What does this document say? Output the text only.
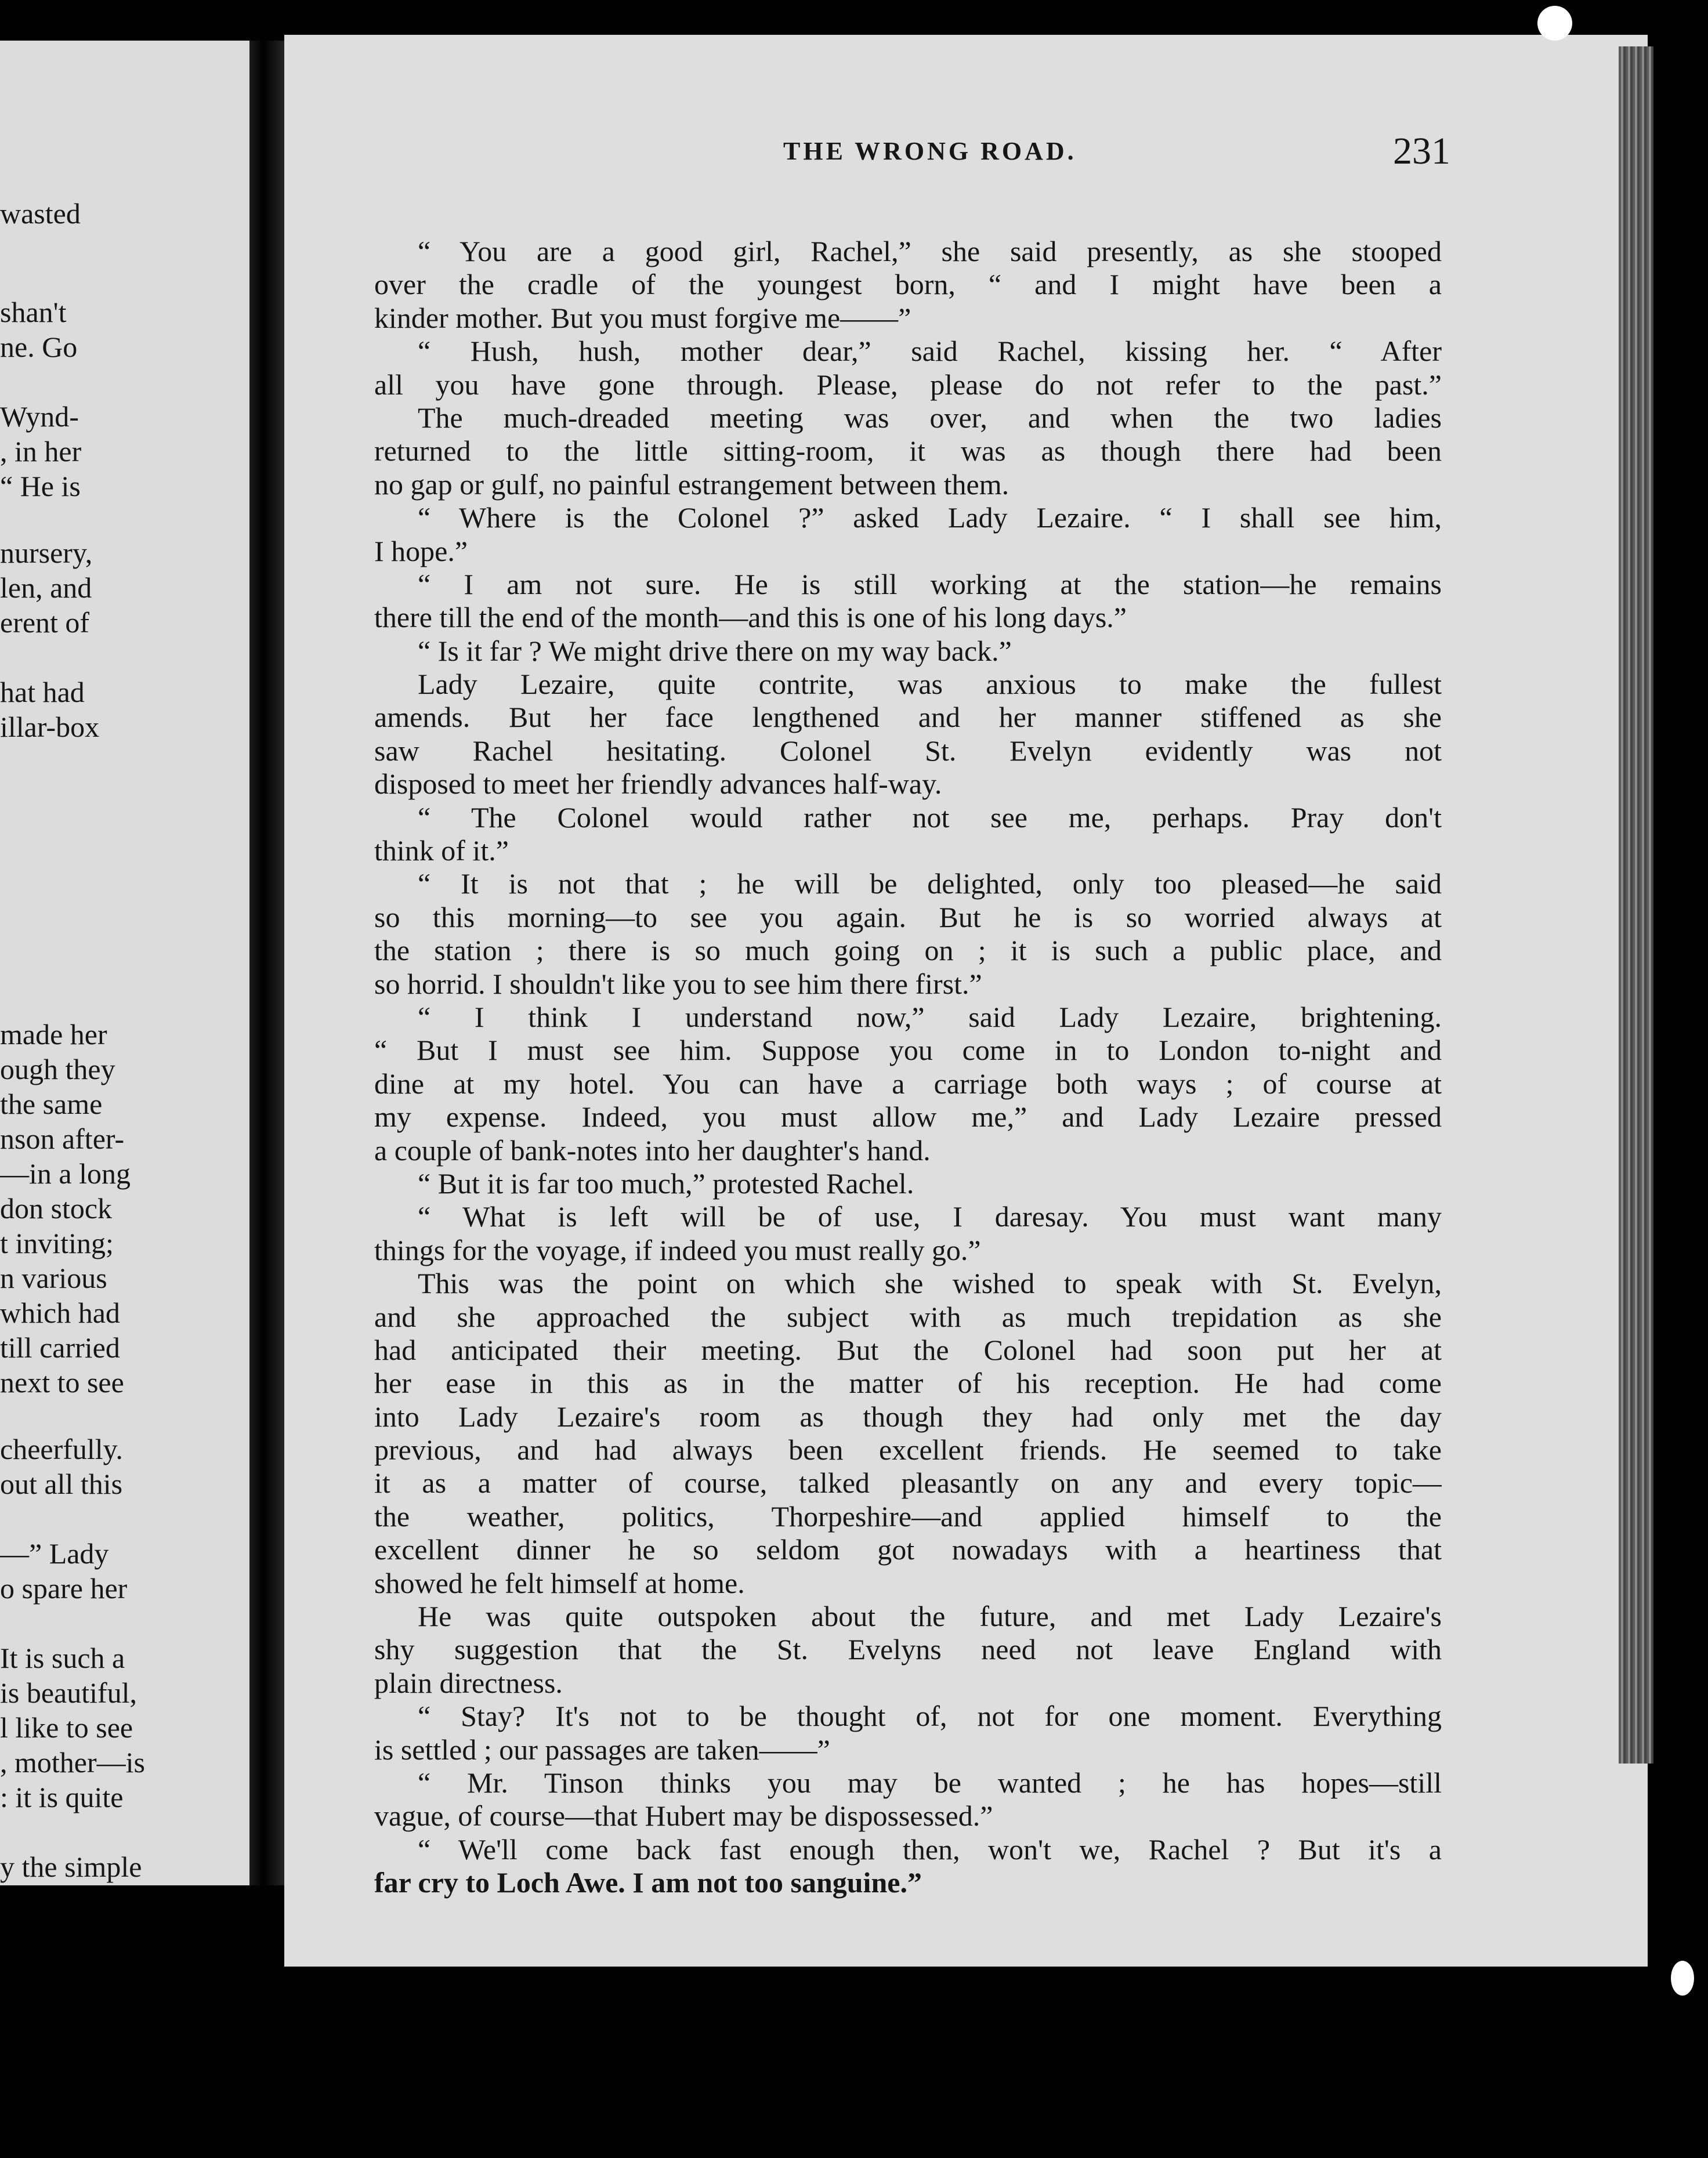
wasted
shan't
ne. Go
Wynd-
, in her
“ He is
nursery,
len, and
erent of
hat had
illar-box
made her
ough they
the same
nson after-
—in a long
don stock
t inviting;
n various
which had
till carried
next to see
cheerfully.
out all this
—” Lady
o spare her
It is such a
is beautiful,
l like to see
, mother—is
: it is quite
y the simple
THE WRONG ROAD.	231
“ You are a good girl, Rachel,” she said presently, as she stooped
over the cradle of the youngest born, “ and I might have been a
kinder mother. But you must forgive me——”
“ Hush, hush, mother dear,” said Rachel, kissing her. “ After
all you have gone through. Please, please do not refer to the past.”
The much-dreaded meeting was over, and when the two ladies
returned to the little sitting-room, it was as though there had been
no gap or gulf, no painful estrangement between them.
“ Where is the Colonel ?” asked Lady Lezaire. “ I shall see him,
I hope.”
“ I am not sure. He is still working at the station—he remains
there till the end of the month—and this is one of his long days.”
“ Is it far ? We might drive there on my way back.”
Lady Lezaire, quite contrite, was anxious to make the fullest
amends. But her face lengthened and her manner stiffened as she
saw Rachel hesitating. Colonel St. Evelyn evidently was not
disposed to meet her friendly advances half-way.
“ The Colonel would rather not see me, perhaps. Pray don't
think of it.”
“ It is not that ; he will be delighted, only too pleased—he said
so this morning—to see you again. But he is so worried always at
the station ; there is so much going on ; it is such a public place, and
so horrid. I shouldn't like you to see him there first.”
“ I think I understand now,” said Lady Lezaire, brightening.
“ But I must see him. Suppose you come in to London to-night and
dine at my hotel. You can have a carriage both ways ; of course at
my expense. Indeed, you must allow me,” and Lady Lezaire pressed
a couple of bank-notes into her daughter's hand.
“ But it is far too much,” protested Rachel.
“ What is left will be of use, I daresay. You must want many
things for the voyage, if indeed you must really go.”
This was the point on which she wished to speak with St. Evelyn,
and she approached the subject with as much trepidation as she
had anticipated their meeting. But the Colonel had soon put her at
her ease in this as in the matter of his reception. He had come
into Lady Lezaire's room as though they had only met the day
previous, and had always been excellent friends. He seemed to take
it as a matter of course, talked pleasantly on any and every topic—
the weather, politics, Thorpeshire—and applied himself to the
excellent dinner he so seldom got nowadays with a heartiness that
showed he felt himself at home.
He was quite outspoken about the future, and met Lady Lezaire's
shy suggestion that the St. Evelyns need not leave England with
plain directness.
“ Stay? It's not to be thought of, not for one moment. Everything
is settled ; our passages are taken——”
“ Mr. Tinson thinks you may be wanted ; he has hopes—still
vague, of course—that Hubert may be dispossessed.”
“ We'll come back fast enough then, won't we, Rachel ? But it's a
far cry to Loch Awe. I am not too sanguine.”
